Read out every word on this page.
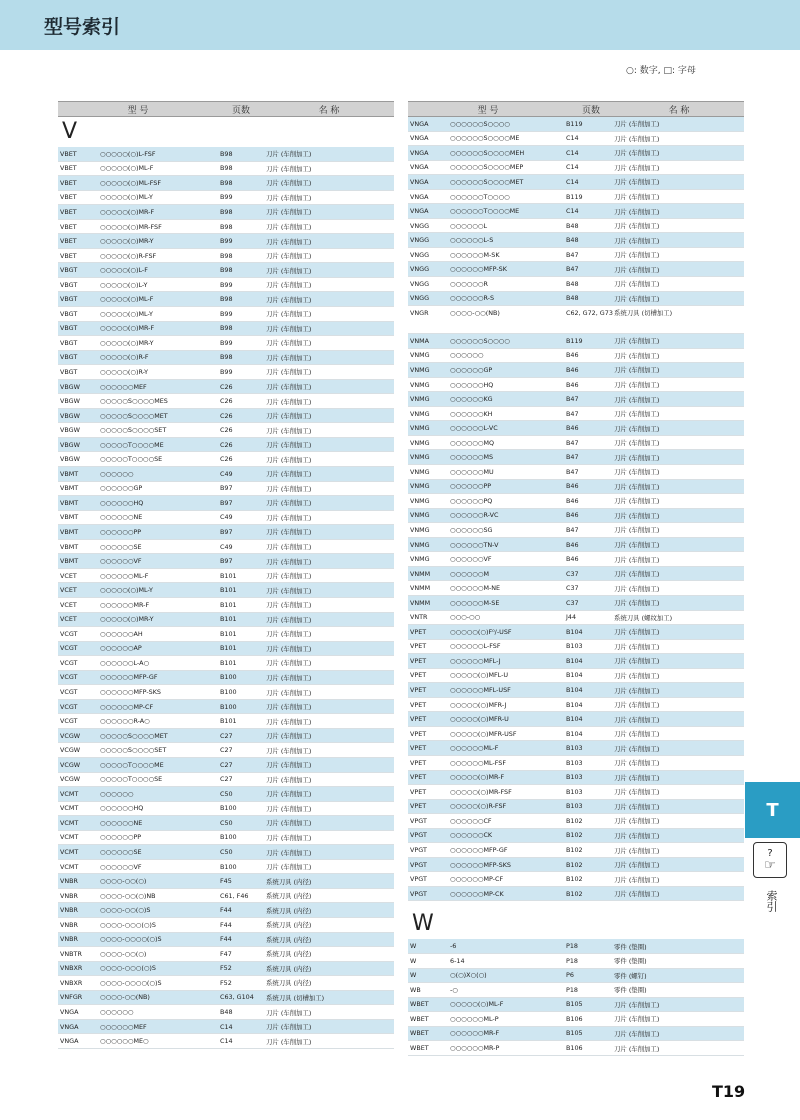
型号索引
○: 数字, □: 字母
型 号	页数	名 称
V
VBET	○○○○○(○)L-FSF	B98	刀片 (车削加工)
VBET	○○○○○(○)ML-F	B98	刀片 (车削加工)
VBET	○○○○○(○)ML-FSF	B98	刀片 (车削加工)
VBET	○○○○○(○)ML-Y	B99	刀片 (车削加工)
VBET	○○○○○(○)MR-F	B98	刀片 (车削加工)
VBET	○○○○○(○)MR-FSF	B98	刀片 (车削加工)
VBET	○○○○○(○)MR-Y	B99	刀片 (车削加工)
VBET	○○○○○(○)R-FSF	B98	刀片 (车削加工)
VBGT	○○○○○(○)L-F	B98	刀片 (车削加工)
VBGT	○○○○○(○)L-Y	B99	刀片 (车削加工)
VBGT	○○○○○(○)ML-F	B98	刀片 (车削加工)
VBGT	○○○○○(○)ML-Y	B99	刀片 (车削加工)
VBGT	○○○○○(○)MR-F	B98	刀片 (车削加工)
VBGT	○○○○○(○)MR-Y	B99	刀片 (车削加工)
VBGT	○○○○○(○)R-F	B98	刀片 (车削加工)
VBGT	○○○○○(○)R-Y	B99	刀片 (车削加工)
VBGW	○○○○○○MEF	C26	刀片 (车削加工)
VBGW	○○○○○S○○○○MES	C26	刀片 (车削加工)
VBGW	○○○○○S○○○○MET	C26	刀片 (车削加工)
VBGW	○○○○○S○○○○SET	C26	刀片 (车削加工)
VBGW	○○○○○T○○○○ME	C26	刀片 (车削加工)
VBGW	○○○○○T○○○○SE	C26	刀片 (车削加工)
VBMT	○○○○○○	C49	刀片 (车削加工)
VBMT	○○○○○○GP	B97	刀片 (车削加工)
VBMT	○○○○○○HQ	B97	刀片 (车削加工)
VBMT	○○○○○○NE	C49	刀片 (车削加工)
VBMT	○○○○○○PP	B97	刀片 (车削加工)
VBMT	○○○○○○SE	C49	刀片 (车削加工)
VBMT	○○○○○○VF	B97	刀片 (车削加工)
VCET	○○○○○○ML-F	B101	刀片 (车削加工)
VCET	○○○○○(○)ML-Y	B101	刀片 (车削加工)
VCET	○○○○○○MR-F	B101	刀片 (车削加工)
VCET	○○○○○(○)MR-Y	B101	刀片 (车削加工)
VCGT	○○○○○○AH	B101	刀片 (车削加工)
VCGT	○○○○○○AP	B101	刀片 (车削加工)
VCGT	○○○○○○L-A○	B101	刀片 (车削加工)
VCGT	○○○○○○MFP-GF	B100	刀片 (车削加工)
VCGT	○○○○○○MFP-SKS	B100	刀片 (车削加工)
VCGT	○○○○○○MP-CF	B100	刀片 (车削加工)
VCGT	○○○○○○R-A○	B101	刀片 (车削加工)
VCGW	○○○○○S○○○○MET	C27	刀片 (车削加工)
VCGW	○○○○○S○○○○SET	C27	刀片 (车削加工)
VCGW	○○○○○T○○○○ME	C27	刀片 (车削加工)
VCGW	○○○○○T○○○○SE	C27	刀片 (车削加工)
VCMT	○○○○○○	C50	刀片 (车削加工)
VCMT	○○○○○○HQ	B100	刀片 (车削加工)
VCMT	○○○○○○NE	C50	刀片 (车削加工)
VCMT	○○○○○○PP	B100	刀片 (车削加工)
VCMT	○○○○○○SE	C50	刀片 (车削加工)
VCMT	○○○○○○VF	B100	刀片 (车削加工)
VNBR	○○○○-○○(○)	F45	系统刀具 (内径)
VNBR	○○○○-○○(○)NB	C61, F46	系统刀具 (内径)
VNBR	○○○○-○○(○)S	F44	系统刀具 (内径)
VNBR	○○○○-○○○(○)S	F44	系统刀具 (内径)
VNBR	○○○○-○○○○(○)S	F44	系统刀具 (内径)
VNBTR	○○○○-○○(○)	F47	系统刀具 (内径)
VNBXR	○○○○-○○○(○)S	F52	系统刀具 (内径)
VNBXR	○○○○-○○○○(○)S	F52	系统刀具 (内径)
VNFGR	○○○○-○○(NB)	C63, G104	系统刀具 (切槽加工)
VNGA	○○○○○○	B48	刀片 (车削加工)
VNGA	○○○○○○MEF	C14	刀片 (车削加工)
VNGA	○○○○○○ME○	C14	刀片 (车削加工)
型 号	页数	名 称
VNGA	○○○○○○S○○○○	B119	刀片 (车削加工)
VNGA	○○○○○○S○○○○ME	C14	刀片 (车削加工)
VNGA	○○○○○○S○○○○MEH	C14	刀片 (车削加工)
VNGA	○○○○○○S○○○○MEP	C14	刀片 (车削加工)
VNGA	○○○○○○S○○○○MET	C14	刀片 (车削加工)
VNGA	○○○○○○T○○○○	B119	刀片 (车削加工)
VNGA	○○○○○○T○○○○ME	C14	刀片 (车削加工)
VNGG	○○○○○○L	B48	刀片 (车削加工)
VNGG	○○○○○○L-S	B48	刀片 (车削加工)
VNGG	○○○○○○M-SK	B47	刀片 (车削加工)
VNGG	○○○○○○MFP-SK	B47	刀片 (车削加工)
VNGG	○○○○○○R	B48	刀片 (车削加工)
VNGG	○○○○○○R-S	B48	刀片 (车削加工)
VNGR	○○○○-○○(NB)	C62, G72, G73 系统刀具 (切槽加工)
VNMA	○○○○○○S○○○○	B119	刀片 (车削加工)
VNMG	○○○○○○	B46	刀片 (车削加工)
VNMG	○○○○○○GP	B46	刀片 (车削加工)
VNMG	○○○○○○HQ	B46	刀片 (车削加工)
VNMG	○○○○○○KG	B47	刀片 (车削加工)
VNMG	○○○○○○KH	B47	刀片 (车削加工)
VNMG	○○○○○○L-VC	B46	刀片 (车削加工)
VNMG	○○○○○○MQ	B47	刀片 (车削加工)
VNMG	○○○○○○MS	B47	刀片 (车削加工)
VNMG	○○○○○○MU	B47	刀片 (车削加工)
VNMG	○○○○○○PP	B46	刀片 (车削加工)
VNMG	○○○○○○PQ	B46	刀片 (车削加工)
VNMG	○○○○○○R-VC	B46	刀片 (车削加工)
VNMG	○○○○○○SG	B47	刀片 (车削加工)
VNMG	○○○○○○TN-V	B46	刀片 (车削加工)
VNMG	○○○○○○VF	B46	刀片 (车削加工)
VNMM	○○○○○○M	C37	刀片 (车削加工)
VNMM	○○○○○○M-NE	C37	刀片 (车削加工)
VNMM	○○○○○○M-SE	C37	刀片 (车削加工)
VNTR	○○○-○○	J44	系统刀具 (螺纹加工)
VPET	○○○○○(○)F⁰/-USF	B104	刀片 (车削加工)
VPET	○○○○○○L-FSF	B103	刀片 (车削加工)
VPET	○○○○○○MFL-J	B104	刀片 (车削加工)
VPET	○○○○○(○)MFL-U	B104	刀片 (车削加工)
VPET	○○○○○○MFL-USF	B104	刀片 (车削加工)
VPET	○○○○○(○)MFR-J	B104	刀片 (车削加工)
VPET	○○○○○(○)MFR-U	B104	刀片 (车削加工)
VPET	○○○○○(○)MFR-USF	B104	刀片 (车削加工)
VPET	○○○○○○ML-F	B103	刀片 (车削加工)
VPET	○○○○○○ML-FSF	B103	刀片 (车削加工)
VPET	○○○○○(○)MR-F	B103	刀片 (车削加工)
VPET	○○○○○(○)MR-FSF	B103	刀片 (车削加工)
VPET	○○○○○(○)R-FSF	B103	刀片 (车削加工)
VPGT	○○○○○○CF	B102	刀片 (车削加工)
VPGT	○○○○○○CK	B102	刀片 (车削加工)
VPGT	○○○○○○MFP-GF	B102	刀片 (车削加工)
VPGT	○○○○○○MFP-SKS	B102	刀片 (车削加工)
VPGT	○○○○○○MP-CF	B102	刀片 (车削加工)
VPGT	○○○○○○MP-CK	B102	刀片 (车削加工)
W
W	-6	P18	零件 (垫圈)
W	6-14	P18	零件 (垫圈)
W	○(○)X○(○)	P6	零件 (螺钉)
WB	-○	P18	零件 (垫圈)
WBET	○○○○○(○)ML-F	B105	刀片 (车削加工)
WBET	○○○○○○ML-P	B106	刀片 (车削加工)
WBET	○○○○○○MR-F	B105	刀片 (车削加工)
WBET	○○○○○○MR-P	B106	刀片 (车削加工)
T
?
☞
索引
T19
